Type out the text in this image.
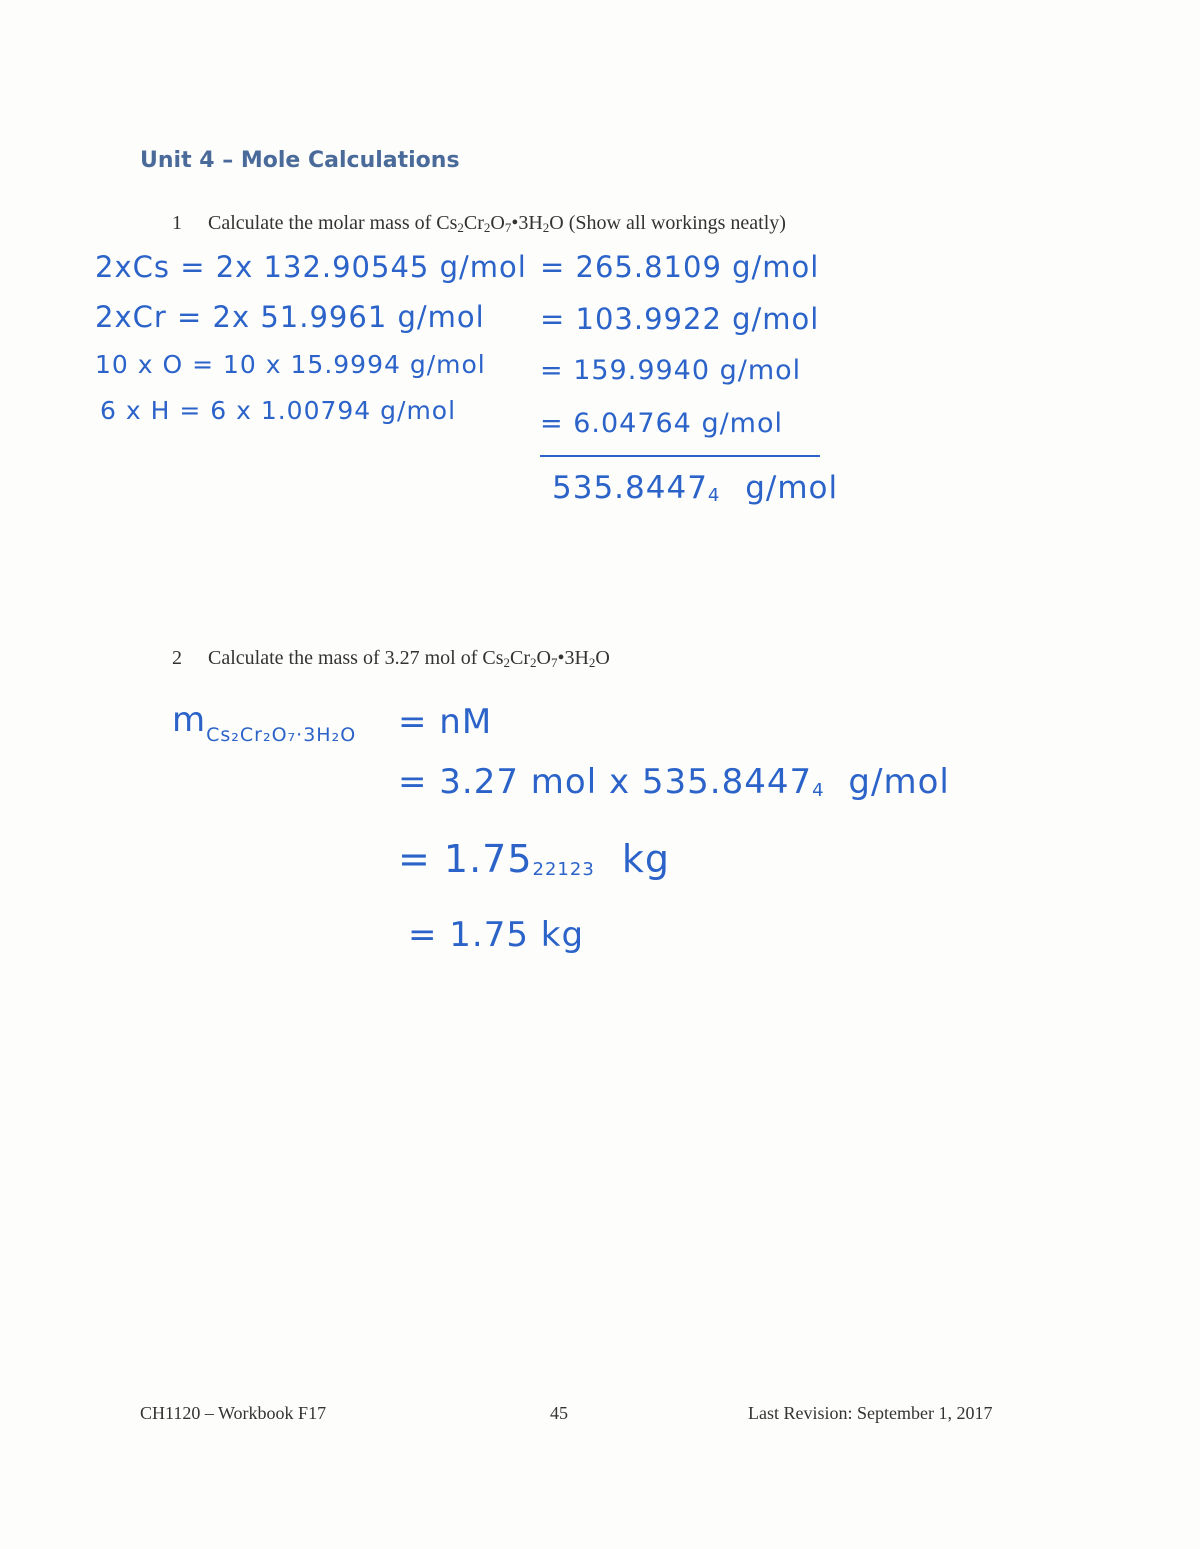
Unit 4 – Mole Calculations
1 Calculate the molar mass of $Cs_2Cr_2O_7•3H_2O$ (Show all workings neatly)
2xCs = 2x 132.90545 g/mol = 265.8109 g/mol
2xCr = 2x 51.9961 g/mol = 103.9922 g/mol
10 x O = 10 x 15.9994 g/mol = 159.9940 g/mol
6 x H = 6 x 1.00794 g/mol	= 6.04764 g/mol
$535.8447_4$ g/mol
2 Calculate the mass of 3.27 mol of $Cs_2Cr_2O_7•3H_2O$
$m_{Cs_2Cr_2O_7\cdot 3H_2O}$ = nM
= 3.27 mol x $535.8447_4$ g/mol
= $1.75_{22123}$ kg
= 1.75 kg
CH1120 – Workbook F17	45	Last Revision: September 1, 2017
